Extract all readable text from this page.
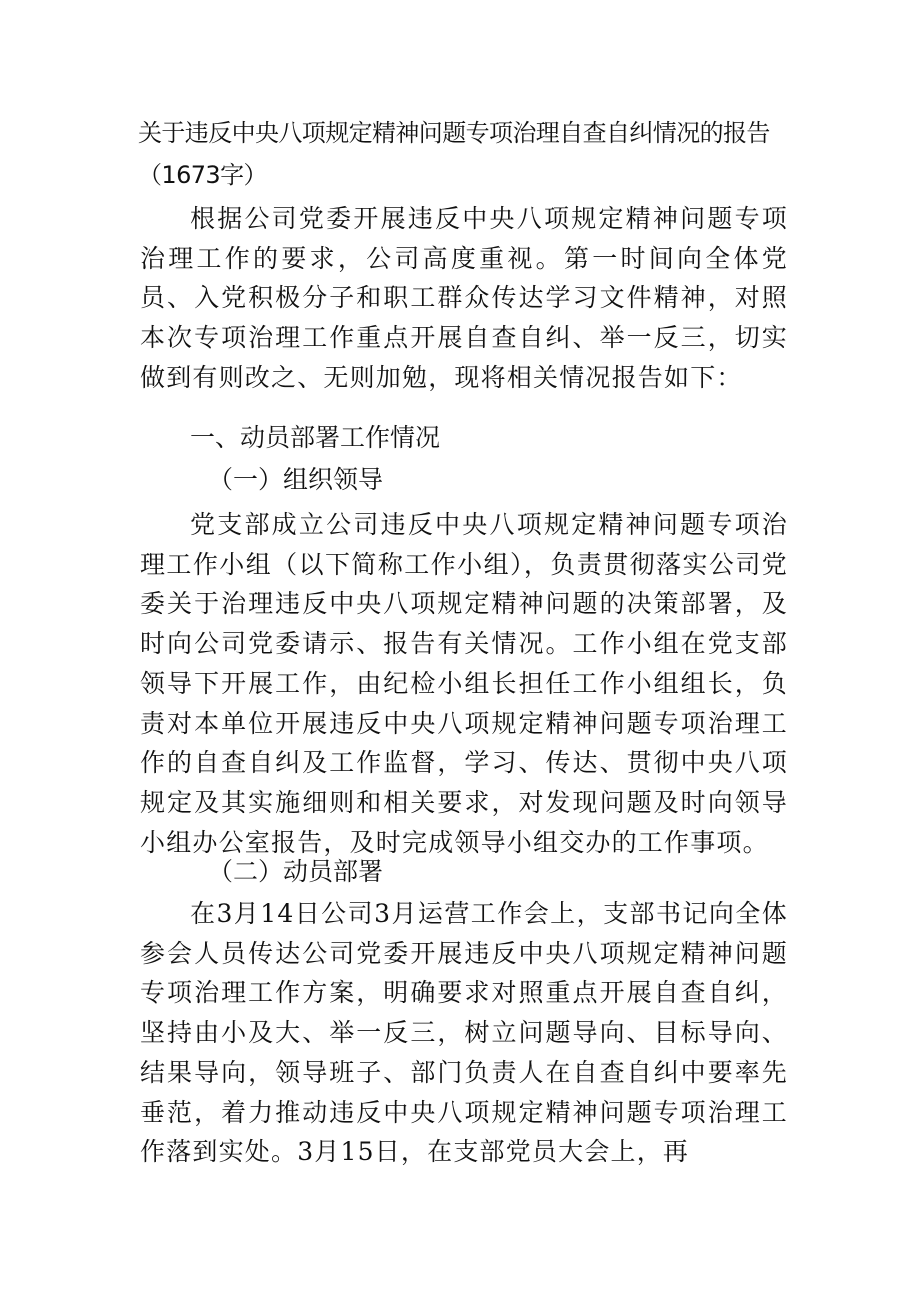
关于违反中央八项规定精神问题专项治理自查自纠情况的报告（1673字）

根据公司党委开展违反中央八项规定精神问题专项治理工作的要求，公司高度重视。第一时间向全体党员、入党积极分子和职工群众传达学习文件精神，对照本次专项治理工作重点开展自查自纠、举一反三，切实做到有则改之、无则加勉，现将相关情况报告如下：

一、动员部署工作情况
（一）组织领导

党支部成立公司违反中央八项规定精神问题专项治理工作小组（以下简称工作小组），负责贯彻落实公司党委关于治理违反中央八项规定精神问题的决策部署，及时向公司党委请示、报告有关情况。工作小组在党支部领导下开展工作，由纪检小组长担任工作小组组长，负责对本单位开展违反中央八项规定精神问题专项治理工作的自查自纠及工作监督，学习、传达、贯彻中央八项规定及其实施细则和相关要求，对发现问题及时向领导小组办公室报告，及时完成领导小组交办的工作事项。

（二）动员部署

在3月14日公司3月运营工作会上，支部书记向全体参会人员传达公司党委开展违反中央八项规定精神问题专项治理工作方案，明确要求对照重点开展自查自纠，坚持由小及大、举一反三，树立问题导向、目标导向、结果导向，领导班子、部门负责人在自查自纠中要率先垂范，着力推动违反中央八项规定精神问题专项治理工作落到实处。3月15日，在支部党员大会上，再
